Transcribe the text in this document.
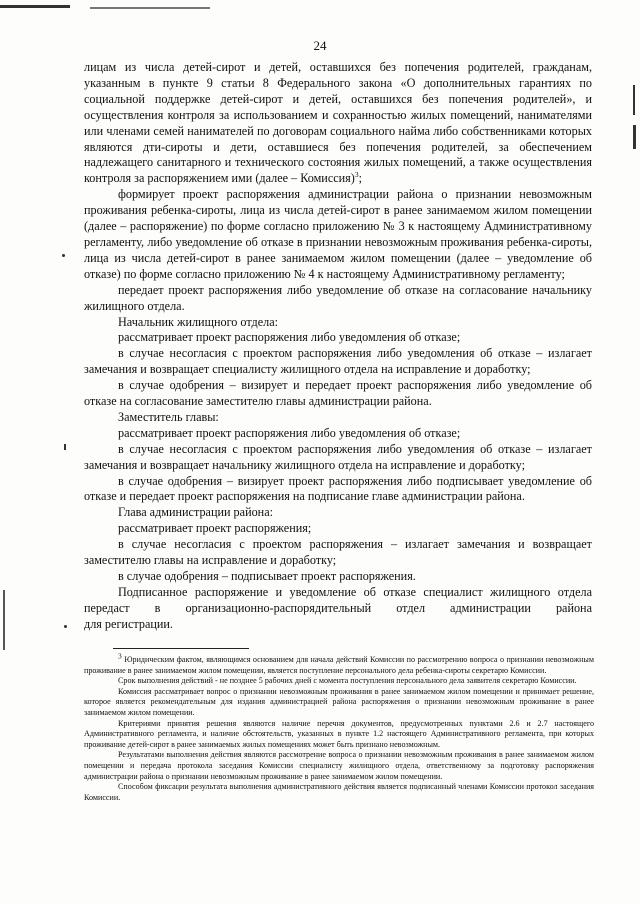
24

лицам из числа детей-сирот и детей, оставшихся без попечения родителей, гражданам, указанным в пункте 9 статьи 8 Федерального закона «О дополнительных гарантиях по социальной поддержке детей-сирот и детей, оставшихся без попечения родителей», и осуществления контроля за использованием и сохранностью жилых помещений, нанимателями или членами семей нанимателей по договорам социального найма либо собственниками которых являются дти-сироты и дети, оставшиеся без попечения родителей, за обеспечением надлежащего санитарного и технического состояния жилых помещений, а также осуществления контроля за распоряжением ими (далее – Комиссия)$^3$;

формирует проект распоряжения администрации района о признании невозможным проживания ребенка-сироты, лица из числа детей-сирот в ранее занимаемом жилом помещении (далее – распоряжение) по форме согласно приложению № 3 к настоящему Административному регламенту, либо уведомление об отказе в признании невозможным проживания ребенка-сироты, лица из числа детей-сирот в ранее занимаемом жилом помещении (далее – уведомление об отказе) по форме согласно приложению № 4 к настоящему Административному регламенту;

передает проект распоряжения либо уведомление об отказе на согласование начальнику жилищного отдела.

Начальник жилищного отдела:

рассматривает проект распоряжения либо уведомления об отказе;

в случае несогласия с проектом распоряжения либо уведомления об отказе – излагает замечания и возвращает специалисту жилищного отдела на исправление и доработку;

в случае одобрения – визирует и передает проект распоряжения либо уведомление об отказе на согласование заместителю главы администрации района.

Заместитель главы:

рассматривает проект распоряжения либо уведомления об отказе;

в случае несогласия с проектом распоряжения либо уведомления об отказе – излагает замечания и возвращает начальнику жилищного отдела на исправление и доработку;

в случае одобрения – визирует проект распоряжения либо подписывает уведомление об отказе и передает проект распоряжения на подписание главе администрации района.

Глава администрации района:

рассматривает проект распоряжения;

в случае несогласия с проектом распоряжения – излагает замечания и возвращает заместителю главы на исправление и доработку;

в случае одобрения – подписывает проект распоряжения.

Подписанное распоряжение и уведомление об отказе специалист жилищного отдела передаст в организационно-распорядительный отдел администрации района

для регистрации.

$^3$ Юридическим фактом, являющимся основанием для начала действий Комиссии по рассмотрению вопроса о признании невозможным проживание в ранее занимаемом жилом помещении, является поступление персонального дела ребенка-сироты секретарю Комиссии.

Срок выполнения действий - не позднее 5 рабочих дней с момента поступления персонального дела заявителя секретарю Комиссии.

Комиссия рассматривает вопрос о признании невозможным проживания в ранее занимаемом жилом помещении и принимает решение, которое является рекомендательным для издания администрацией района распоряжения о признании невозможным проживание в ранее занимаемом жилом помещении.

Критериями принятия решения являются наличие перечня документов, предусмотренных пунктами 2.6 и 2.7 настоящего Административного регламента, и наличие обстоятельств, указанных в пункте 1.2 настоящего Административного регламента, при которых проживание детей-сирот в ранее занимаемых жилых помещениях может быть признано невозможным.

Результатами выполнения действия являются рассмотрение вопроса о признании невозможным проживания в ранее занимаемом жилом помещении и передача протокола заседания Комиссии специалисту жилищного отдела, ответственному за подготовку распоряжения администрации района о признании невозможным проживание в ранее занимаемом жилом помещении.

Способом фиксации результата выполнения административного действия является подписанный членами Комиссии протокол заседания Комиссии.
